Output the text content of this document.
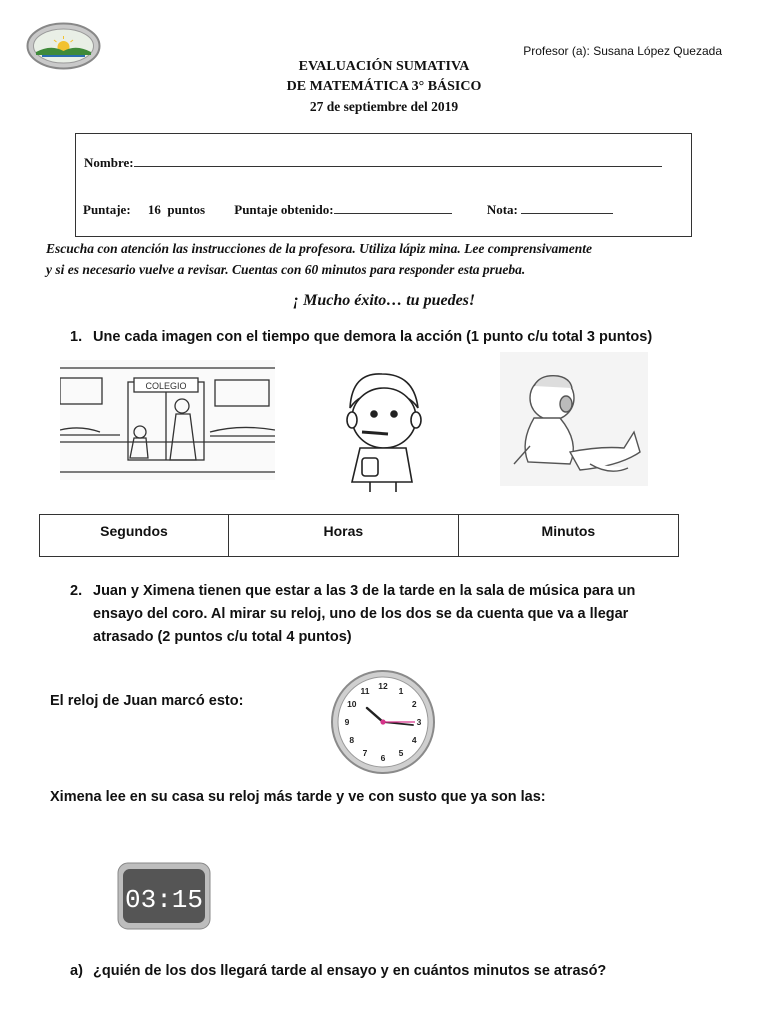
Profesor (a): Susana López Quezada
EVALUACIÓN SUMATIVA
DE MATEMÁTICA 3° BÁSICO
27 de septiembre del 2019
Nombre:
Puntaje: 16  puntos Puntaje obtenido:	Nota:
Escucha con atención las instrucciones de la profesora. Utiliza lápiz mina. Lee comprensivamente
y si es necesario vuelve a revisar. Cuentas con 60 minutos para responder esta prueba.
¡ Mucho éxito… tu puedes!
1. Une cada imagen con el tiempo que demora la acción (1 punto c/u total 3 puntos)
COLEGIO
Segundos	Horas	Minutos
2. Juan y Ximena tienen que estar a las 3 de la tarde en la sala de música para un
ensayo del coro. Al mirar su reloj, uno de los dos se da cuenta que va a llegar
atrasado (2 puntos c/u total 4 puntos)
El reloj de Juan marcó esto:
12 1
2
3
4
5
6
7
8
9
10
11
Ximena lee en su casa su reloj más tarde y ve con susto que ya son las:
03:15
a) ¿quién de los dos llegará tarde al ensayo y en cuántos minutos se atrasó?
